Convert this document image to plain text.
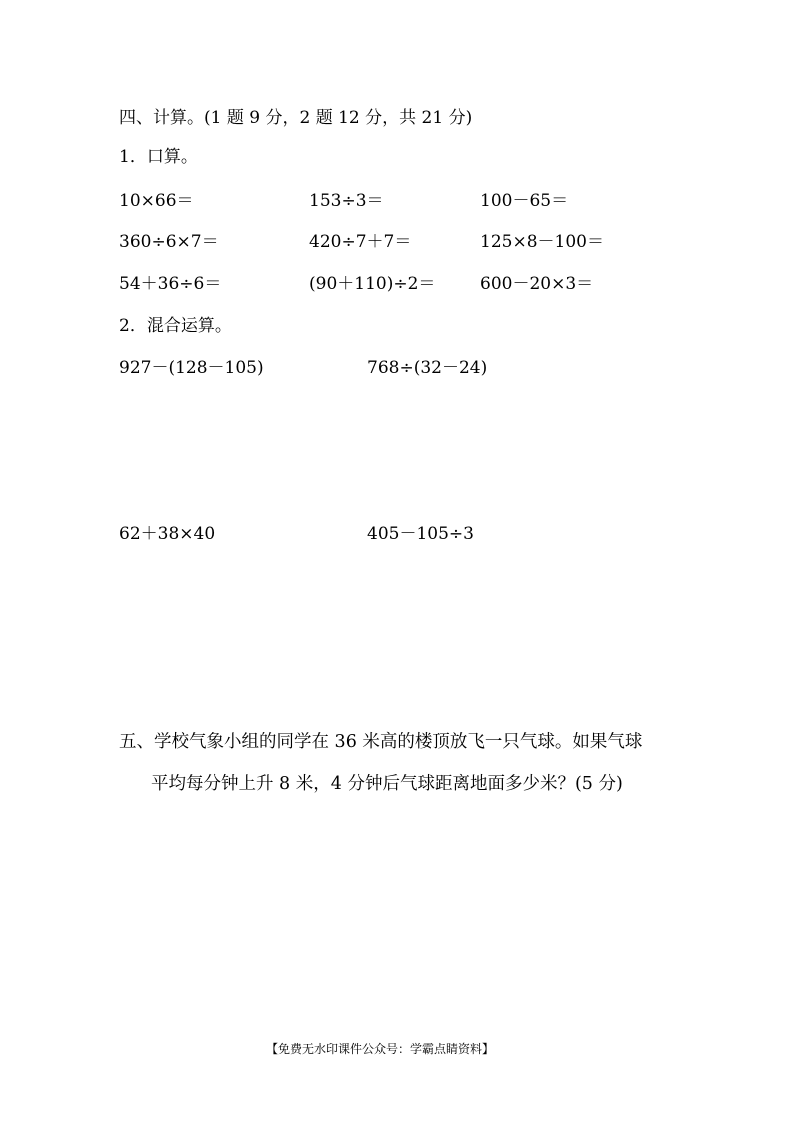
四、计算。(1 题 9 分，2 题 12 分，共 21 分)
1．口算。
10×66＝	153÷3＝	100－65＝
360÷6×7＝	420÷7＋7＝	125×8－100＝
54＋36÷6＝	(90＋110)÷2＝	600－20×3＝
2．混合运算。
927－(128－105)	768÷(32－24)
62＋38×40	405－105÷3
五、学校气象小组的同学在 36 米高的楼顶放飞一只气球。如果气球
平均每分钟上升 8 米，4 分钟后气球距离地面多少米？(5 分)
【免费无水印课件公众号：学霸点睛资料】
